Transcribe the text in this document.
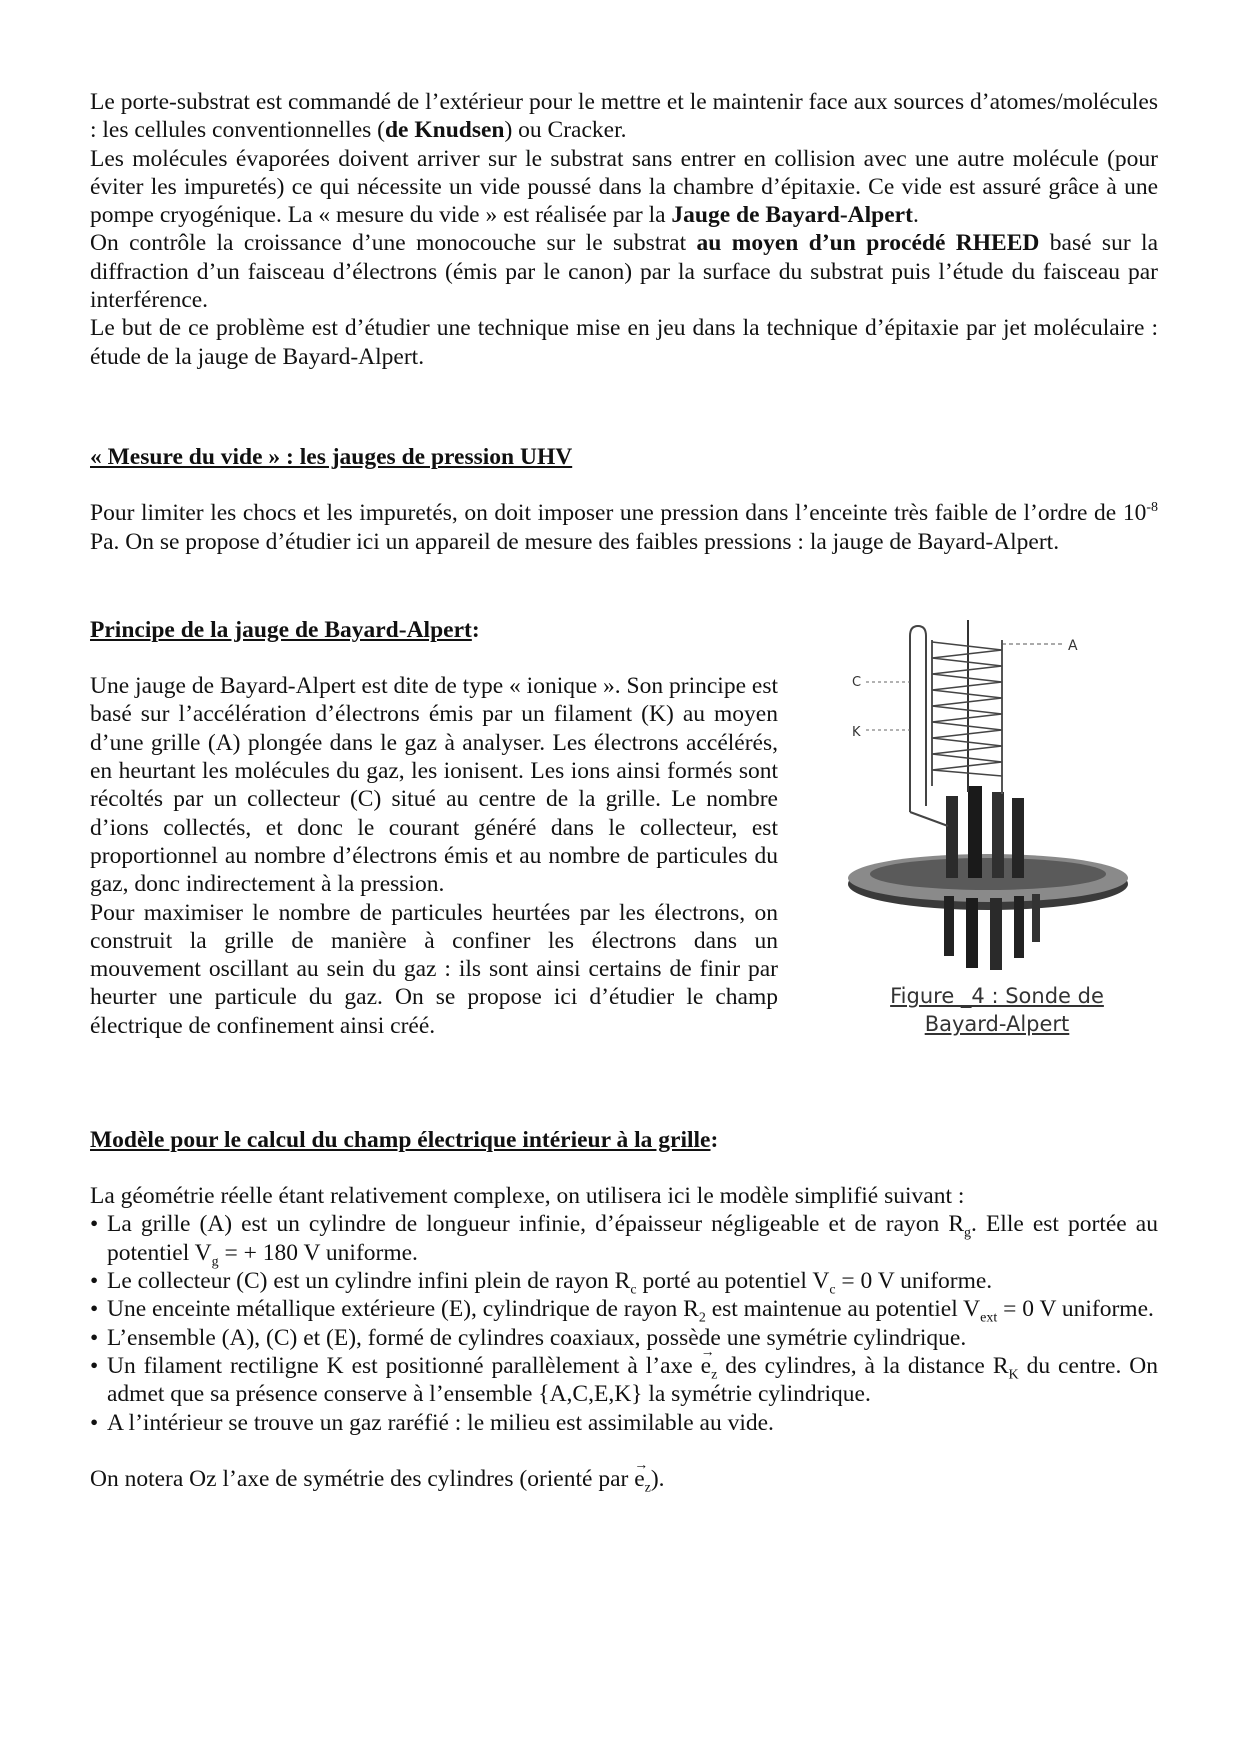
Le porte-substrat est commandé de l’extérieur pour le mettre et le maintenir face aux sources d’atomes/molécules : les cellules conventionnelles (de Knudsen) ou Cracker.

Les molécules évaporées doivent arriver sur le substrat sans entrer en collision avec une autre molécule (pour éviter les impuretés) ce qui nécessite un vide poussé dans la chambre d’épitaxie. Ce vide est assuré grâce à une pompe cryogénique. La « mesure du vide » est réalisée par la Jauge de Bayard-Alpert.

On contrôle la croissance d’une monocouche sur le substrat au moyen d’un procédé RHEED basé sur la diffraction d’un faisceau d’électrons (émis par le canon) par la surface du substrat puis l’étude du faisceau par interférence.

Le but de ce problème est d’étudier une technique mise en jeu dans la technique d’épitaxie par jet moléculaire : étude de la jauge de Bayard-Alpert.

« Mesure du vide » : les jauges de pression UHV

Pour limiter les chocs et les impuretés, on doit imposer une pression dans l’enceinte très faible de l’ordre de $10^{-8}$ Pa. On se propose d’étudier ici un appareil de mesure des faibles pressions : la jauge de Bayard-Alpert.

Principe de la jauge de Bayard-Alpert:

Une jauge de Bayard-Alpert est dite de type « ionique ». Son principe est basé sur l’accélération d’électrons émis par un filament (K) au moyen d’une grille (A) plongée dans le gaz à analyser. Les électrons accélérés, en heurtant les molécules du gaz, les ionisent. Les ions ainsi formés sont récoltés par un collecteur (C) situé au centre de la grille. Le nombre d’ions collectés, et donc le courant généré dans le collecteur, est proportionnel au nombre d’électrons émis et au nombre de particules du gaz, donc indirectement à la pression.

Pour maximiser le nombre de particules heurtées par les électrons, on construit la grille de manière à confiner les électrons dans un mouvement oscillant au sein du gaz : ils sont ainsi certains de finir par heurter une particule du gaz. On se propose ici d’étudier le champ électrique de confinement ainsi créé.

A
C
K
Figure _4 : Sonde de
Bayard-Alpert

Modèle pour le calcul du champ électrique intérieur à la grille:

La géométrie réelle étant relativement complexe, on utilisera ici le modèle simplifié suivant :

• La grille (A) est un cylindre de longueur infinie, d’épaisseur négligeable et de rayon $R_g$. Elle est portée au potentiel $V_g$ = + 180 V uniforme.
• Le collecteur (C) est un cylindre infini plein de rayon $R_c$ porté au potentiel $V_c = 0$ V uniforme.
• Une enceinte métallique extérieure (E), cylindrique de rayon $R_2$ est maintenue au potentiel $V_{ext} = 0$ V uniforme.
• L’ensemble (A), (C) et (E), formé de cylindres coaxiaux, possède une symétrie cylindrique.
• Un filament rectiligne K est positionné parallèlement à l’axe → $e_z$ des cylindres, à la distance $R_K$ du centre. On admet que sa présence conserve à l’ensemble {A,C,E,K} la symétrie cylindrique.
• A l’intérieur se trouve un gaz raréfié : le milieu est assimilable au vide.

On notera Oz l’axe de symétrie des cylindres (orienté par → $e_z$).
